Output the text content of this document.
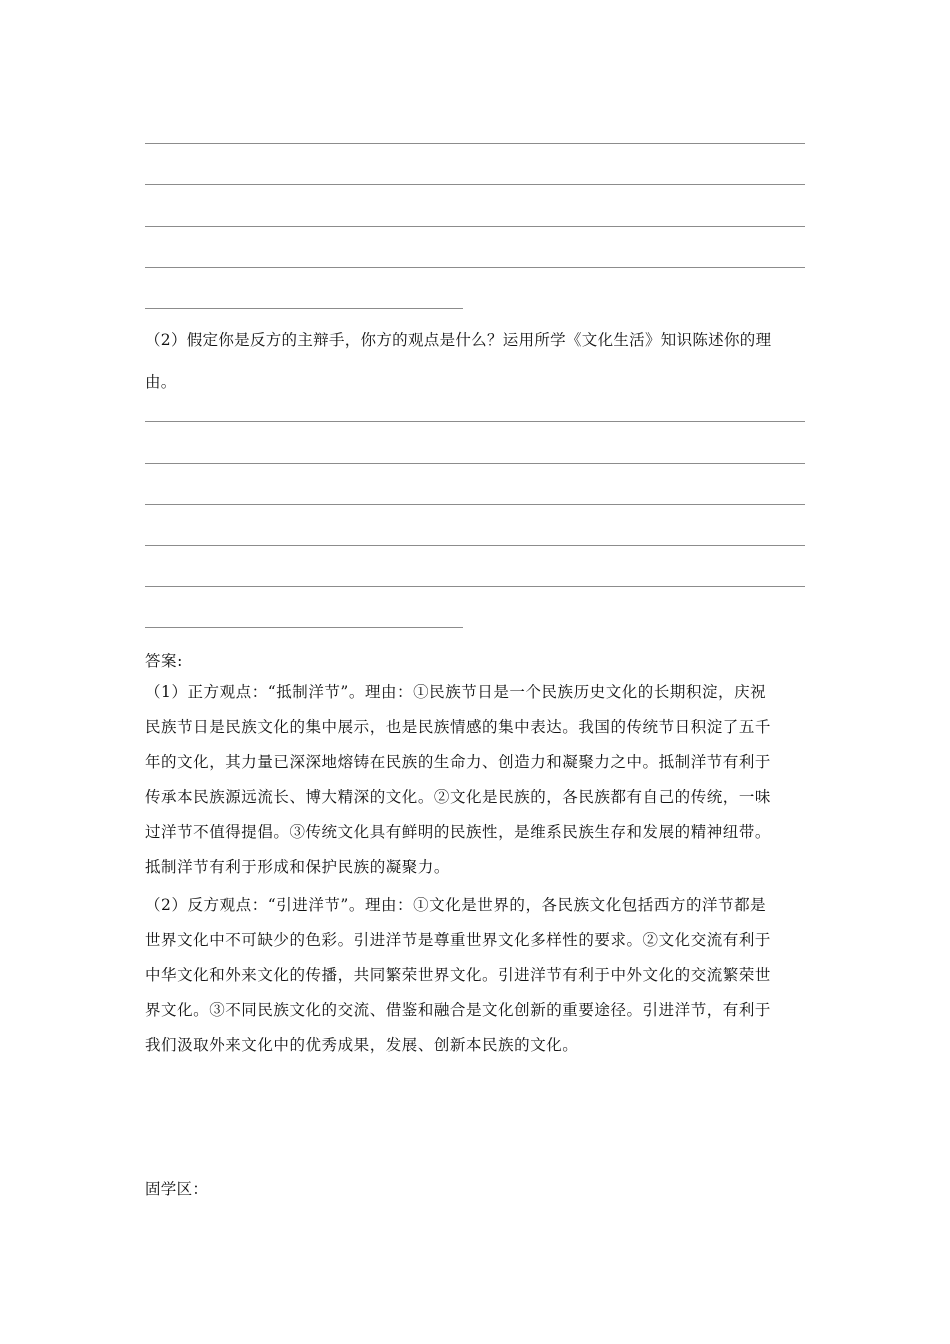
（2）假定你是反方的主辩手，你方的观点是什么？运用所学《文化生活》知识陈述你的理
由。
答案:
（1）正方观点：“抵制洋节”。理由：①民族节日是一个民族历史文化的长期积淀，庆祝
民族节日是民族文化的集中展示，也是民族情感的集中表达。我国的传统节日积淀了五千
年的文化，其力量已深深地熔铸在民族的生命力、创造力和凝聚力之中。抵制洋节有利于
传承本民族源远流长、博大精深的文化。②文化是民族的，各民族都有自己的传统，一味
过洋节不值得提倡。③传统文化具有鲜明的民族性，是维系民族生存和发展的精神纽带。
抵制洋节有利于形成和保护民族的凝聚力。
（2）反方观点：“引进洋节”。理由：①文化是世界的，各民族文化包括西方的洋节都是
世界文化中不可缺少的色彩。引进洋节是尊重世界文化多样性的要求。②文化交流有利于
中华文化和外来文化的传播，共同繁荣世界文化。引进洋节有利于中外文化的交流繁荣世
界文化。③不同民族文化的交流、借鉴和融合是文化创新的重要途径。引进洋节，有利于
我们汲取外来文化中的优秀成果，发展、创新本民族的文化。
固学区：
